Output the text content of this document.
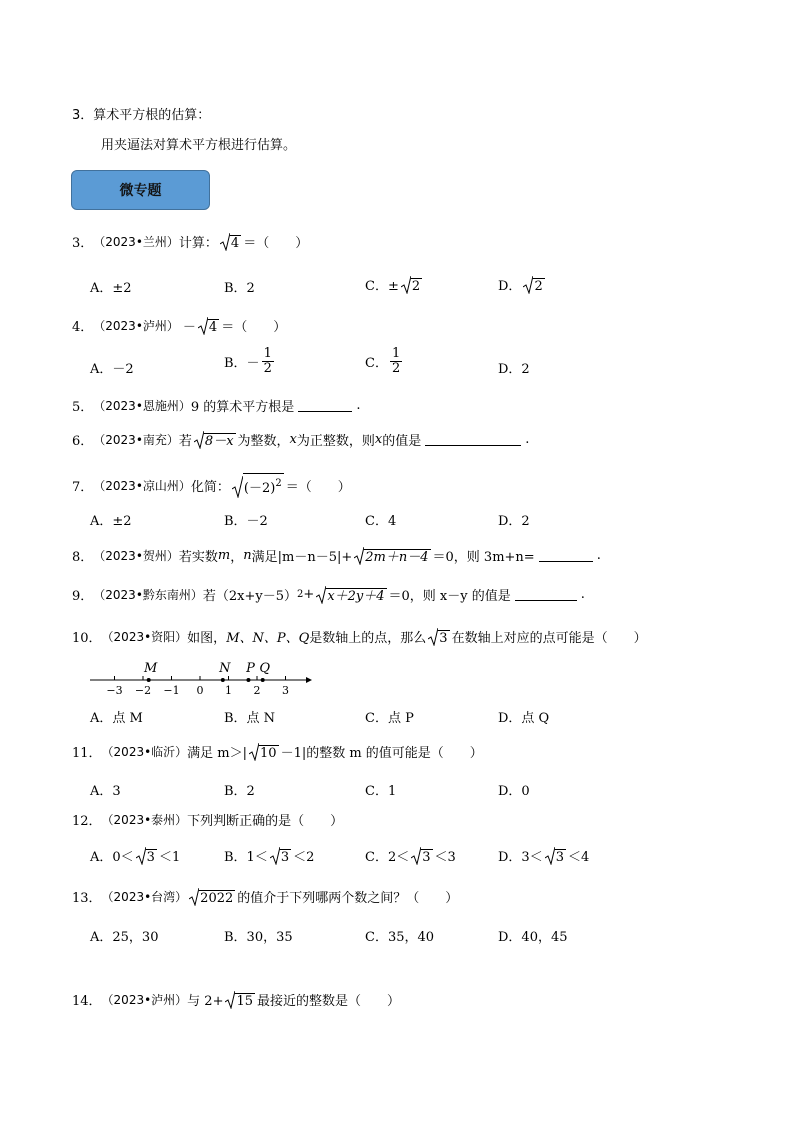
3．算术平方根的估算：
用夹逼法对算术平方根进行估算。
微专题
3． （2023•兰州） 计算： 4 ＝（　　）
A．±2	B．2	C．± 2	D． 2
4． （2023•泸州） － 4 ＝（　　）
A．－2	B．－ $\frac{1}{2}$	C． $\frac{1}{2}$	D．2
5． （2023•恩施州） 9 的算术平方根是	.
6． （2023•南充） 若 8－x 为整数， x 为正整数，则 x 的值是	.
7． （2023•凉山州） 化简： $(-2)^2$ ＝（　　）
A．±2	B．－2	C．4	D．2
8． （2023•贺州） 若实数 m ， n 满足|m－n－5|+ 2m＋n－4 ＝0，则 3m+n=	.
9． （2023•黔东南州） 若（2x+y－5） 2 + x＋2y＋4 ＝0，则 x－y 的值是	.
10． （2023•资阳） 如图， M、N、P、Q 是数轴上的点，那么 3 在数轴上对应的点可能是（　　）
−3 −2 −1 0 1 2 3
M	N P Q
A．点 M	B．点 N	C．点 P	D．点 Q
11． （2023•临沂） 满足 m＞| 10 －1|的整数 m 的值可能是（　　）
A．3	B．2	C．1	D．0
12． （2023•泰州） 下列判断正确的是（　　）
A．0＜ 3 ＜1	B．1＜ 3 ＜2	C．2＜ 3 ＜3	D．3＜ 3 ＜4
13． （2023•台湾） 2022 的值介于下列哪两个数之间？（　　）
A．25，30	B．30，35	C．35，40	D．40，45
14． （2023•泸州） 与 2+ 15 最接近的整数是（　　）
